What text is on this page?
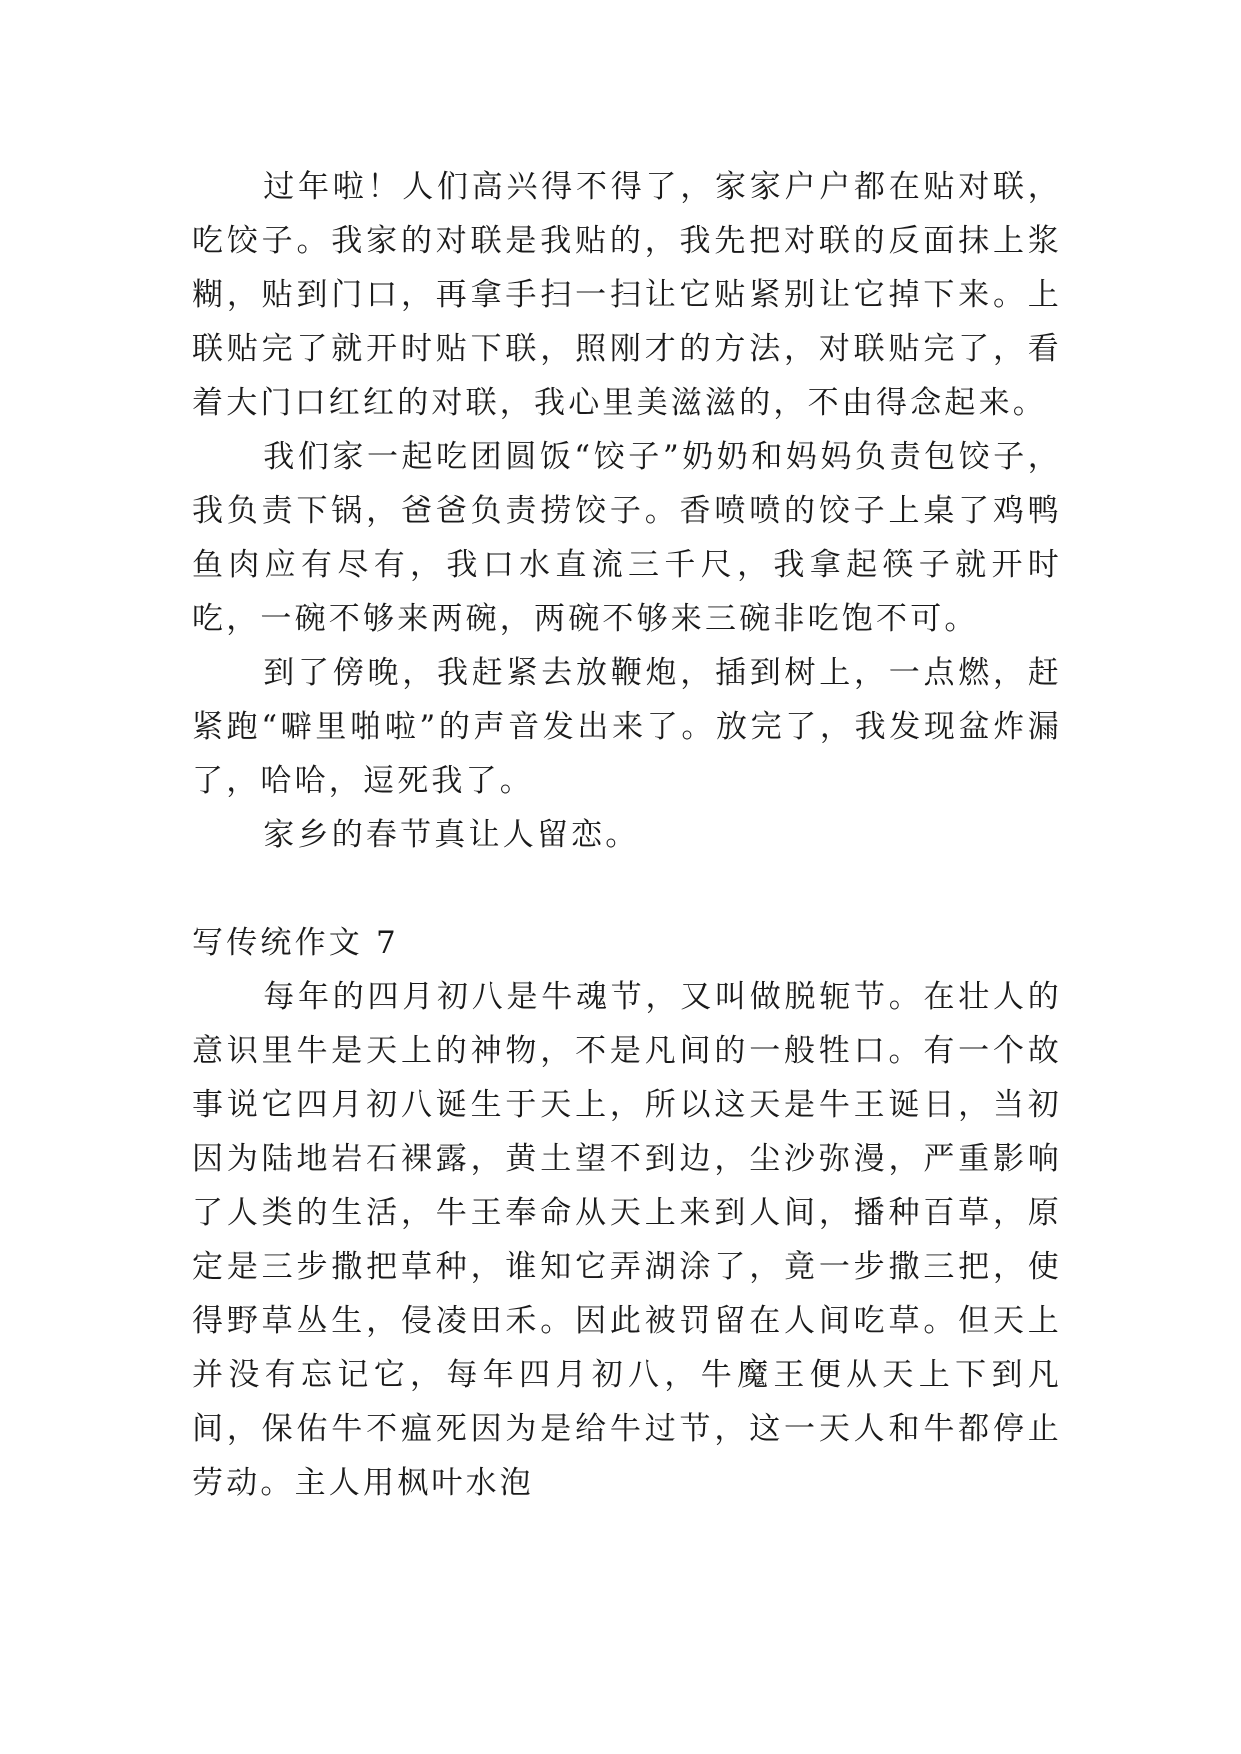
过年啦！人们高兴得不得了，家家户户都在贴对联，吃饺子。我家的对联是我贴的，我先把对联的反面抹上浆糊，贴到门口，再拿手扫一扫让它贴紧别让它掉下来。上联贴完了就开时贴下联，照刚才的方法，对联贴完了，看着大门口红红的对联，我心里美滋滋的，不由得念起来。

我们家一起吃团圆饭“饺子”奶奶和妈妈负责包饺子，我负责下锅，爸爸负责捞饺子。香喷喷的饺子上桌了鸡鸭鱼肉应有尽有，我口水直流三千尺，我拿起筷子就开时吃，一碗不够来两碗，两碗不够来三碗非吃饱不可。

到了傍晚，我赶紧去放鞭炮，插到树上，一点燃，赶紧跑“噼里啪啦”的声音发出来了。放完了，我发现盆炸漏了，哈哈，逗死我了。

家乡的春节真让人留恋。

写传统作文 7

每年的四月初八是牛魂节，又叫做脱轭节。在壮人的意识里牛是天上的神物，不是凡间的一般牲口。有一个故事说它四月初八诞生于天上，所以这天是牛王诞日，当初因为陆地岩石裸露，黄土望不到边，尘沙弥漫，严重影响了人类的生活，牛王奉命从天上来到人间，播种百草，原定是三步撒把草种，谁知它弄湖涂了，竟一步撒三把，使得野草丛生，侵凌田禾。因此被罚留在人间吃草。但天上并没有忘记它，每年四月初八，牛魔王便从天上下到凡间，保佑牛不瘟死因为是给牛过节，这一天人和牛都停止劳动。主人用枫叶水泡
